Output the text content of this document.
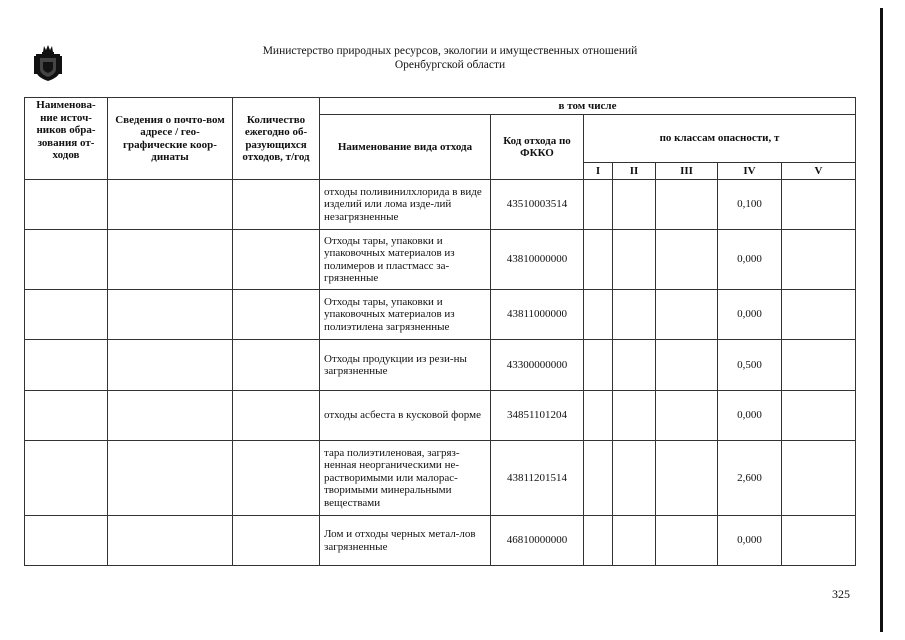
Министерство природных ресурсов, экологии и имущественных отношений
Оренбургской области
Наименова-ние источ-ников обра-зования от-ходов	Сведения о почто-вом адресе / гео-графические коор-динаты	Количество ежегодно об-разующихся отходов, т/год	в том числе						
			Наименование вида отхода	Код отхода по ФККО	по классам опасности, т				
					I	II	III	IV	V
			отходы поливинилхлорида в виде изделий или лома изде-лий незагрязненные	43510003514				0,100	
			Отходы тары, упаковки и упаковочных материалов из полимеров и пластмасс за-грязненные	43810000000				0,000	
			Отходы тары, упаковки и упаковочных материалов из полиэтилена загрязненные	43811000000				0,000	
			Отходы продукции из рези-ны загрязненные	43300000000				0,500	
			отходы асбеста в кусковой форме	34851101204				0,000	
			тара полиэтиленовая, загряз-ненная неорганическими не-растворимыми или малорас-творимыми минеральными веществами	43811201514				2,600	
			Лом и отходы черных метал-лов загрязненные	46810000000				0,000	
325
